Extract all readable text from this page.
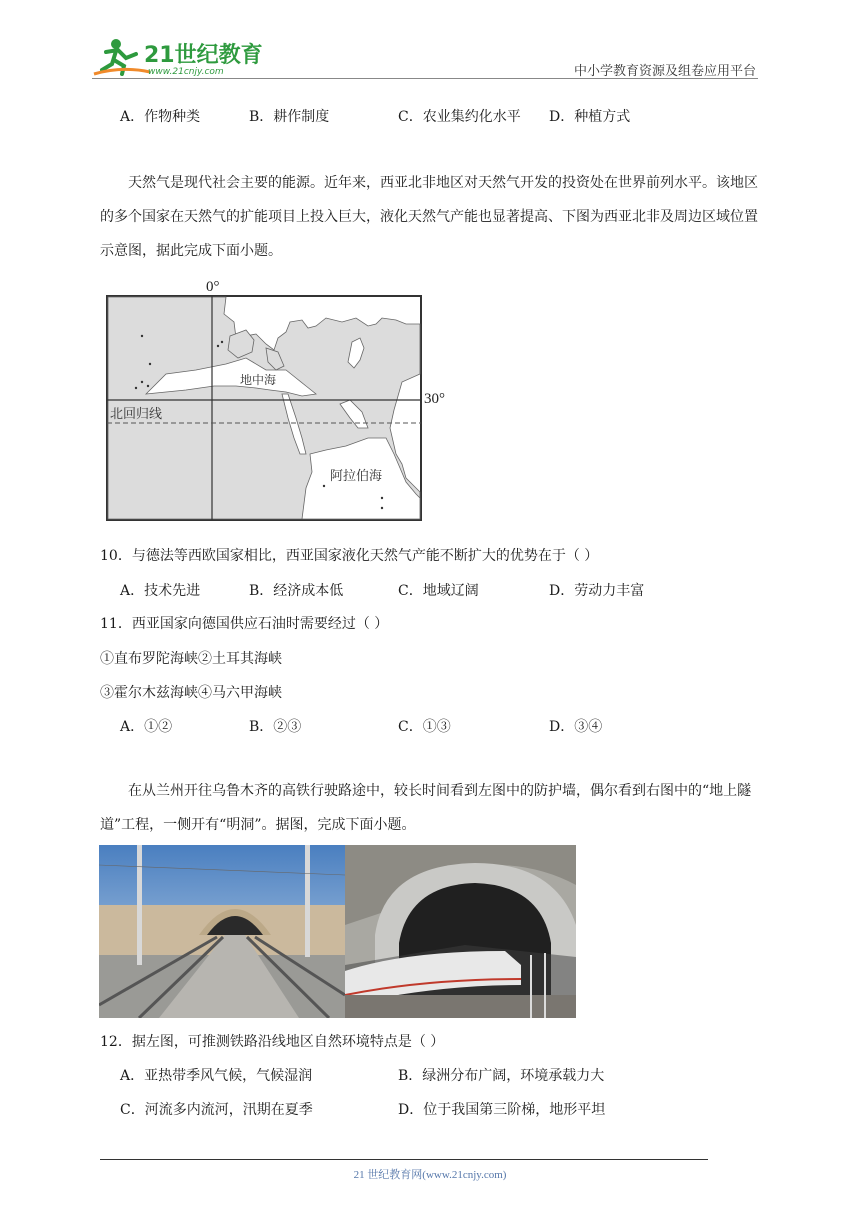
21世纪教育
www.21cnjy.com	中小学教育资源及组卷应用平台
A．作物种类	B．耕作制度	C．农业集约化水平 D．种植方式
天然气是现代社会主要的能源。近年来，西亚北非地区对天然气开发的投资处在世界前列水平。该地区的多个国家在天然气的扩能项目上投入巨大，液化天然气产能也显著提高、下图为西亚北非及周边区域位置示意图，据此完成下面小题。
0°
30°
北回归线
地中海
阿拉伯海
10．与德法等西欧国家相比，西亚国家液化天然气产能不断扩大的优势在于（ ）
A．技术先进	B．经济成本低	C．地域辽阔	D．劳动力丰富
11．西亚国家向德国供应石油时需要经过（ ）
①直布罗陀海峡②土耳其海峡
③霍尔木兹海峡④马六甲海峡
A．①②	B．②③	C．①③	D．③④
在从兰州开往乌鲁木齐的高铁行驶路途中，较长时间看到左图中的防护墙，偶尔看到右图中的“地上隧道”工程，一侧开有“明洞”。据图，完成下面小题。
12．据左图，可推测铁路沿线地区自然环境特点是（ ）
A．亚热带季风气候，气候湿润	B．绿洲分布广阔，环境承载力大
C．河流多内流河，汛期在夏季	D．位于我国第三阶梯，地形平坦
21 世纪教育网(www.21cnjy.com)
